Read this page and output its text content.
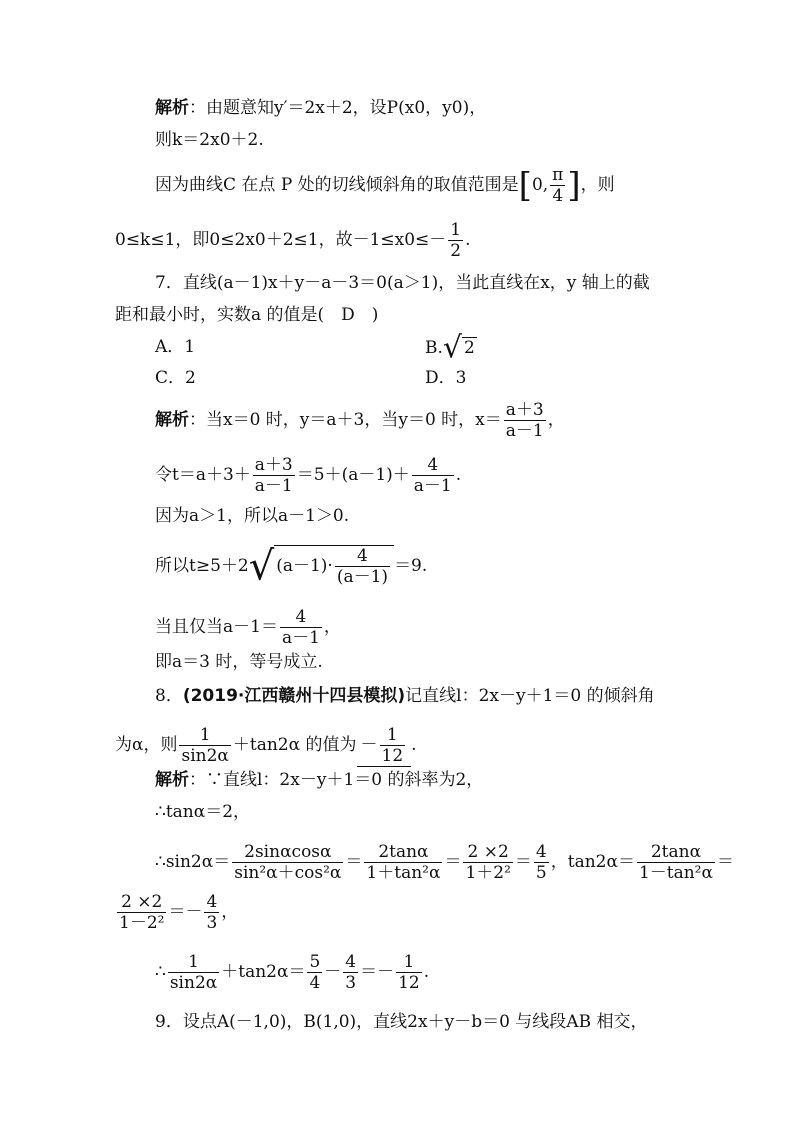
解析：由题意知y′＝2x＋2，设P(x0，y0)，
则k＝2x0＋2.
因为曲线C 在点 P 处的切线倾斜角的取值范围是[0, $\frac{\pi}{4}$ ]，则
0≤k≤1，即0≤2x0＋2≤1，故$-1\le x0\le- \frac{1}{2}$ .
7．直线(a－1)x＋y－a－3＝0(a＞1)，当此直线在x，y 轴上的截
距和最小时，实数a 的值是(　D　)
A．1	B.√ 2
C．2	D．3
解析：当x＝0 时，y＝a＋3，当y＝0 时，$x= \frac{a+3}{a-1}$ ，
令$t=a+3+ \frac{a+3}{a-1} =5+(a-1)+ \frac{4}{a-1}$ .
因为a＞1，所以a－1＞0.
所以t≥5＋2√ $(a-1)\cdot \frac{4}{(a-1)} =9$.
当且仅当$a-1= \frac{4}{a-1}$ ，
即a＝3 时，等号成立.
8．(2019·江西赣州十四县模拟)记直线l：2x－y＋1＝0 的倾斜角
为α，则 $\frac{1}{\sin 2\alpha} +\tan 2\alpha$ 的值为 － $\frac{1}{12}$ .
解析：∵直线l：2x－y＋1＝0 的斜率为2，
∴tanα＝2，
∴sin2α＝ $\frac{2\sin\alpha\cos\alpha}{\text{sin²α＋cos²α}} = \frac{2\tan\alpha}{\text{1＋tan²α}} = \frac{2 \times 2}{\text{1＋2²}} = \frac{4}{5}$ ，$\tan 2\alpha= \frac{2\tan\alpha}{\text{1－tan²α}}$ ＝
$\frac{2 \times 2}{\text{1－2²}} =- \frac{4}{3}$ ，
∴ $\frac{1}{\sin 2\alpha} +\tan 2\alpha= \frac{5}{4} - \frac{4}{3} =- \frac{1}{12}$ .
9．设点A(－1,0)，B(1,0)，直线2x＋y－b＝0 与线段AB 相交，
